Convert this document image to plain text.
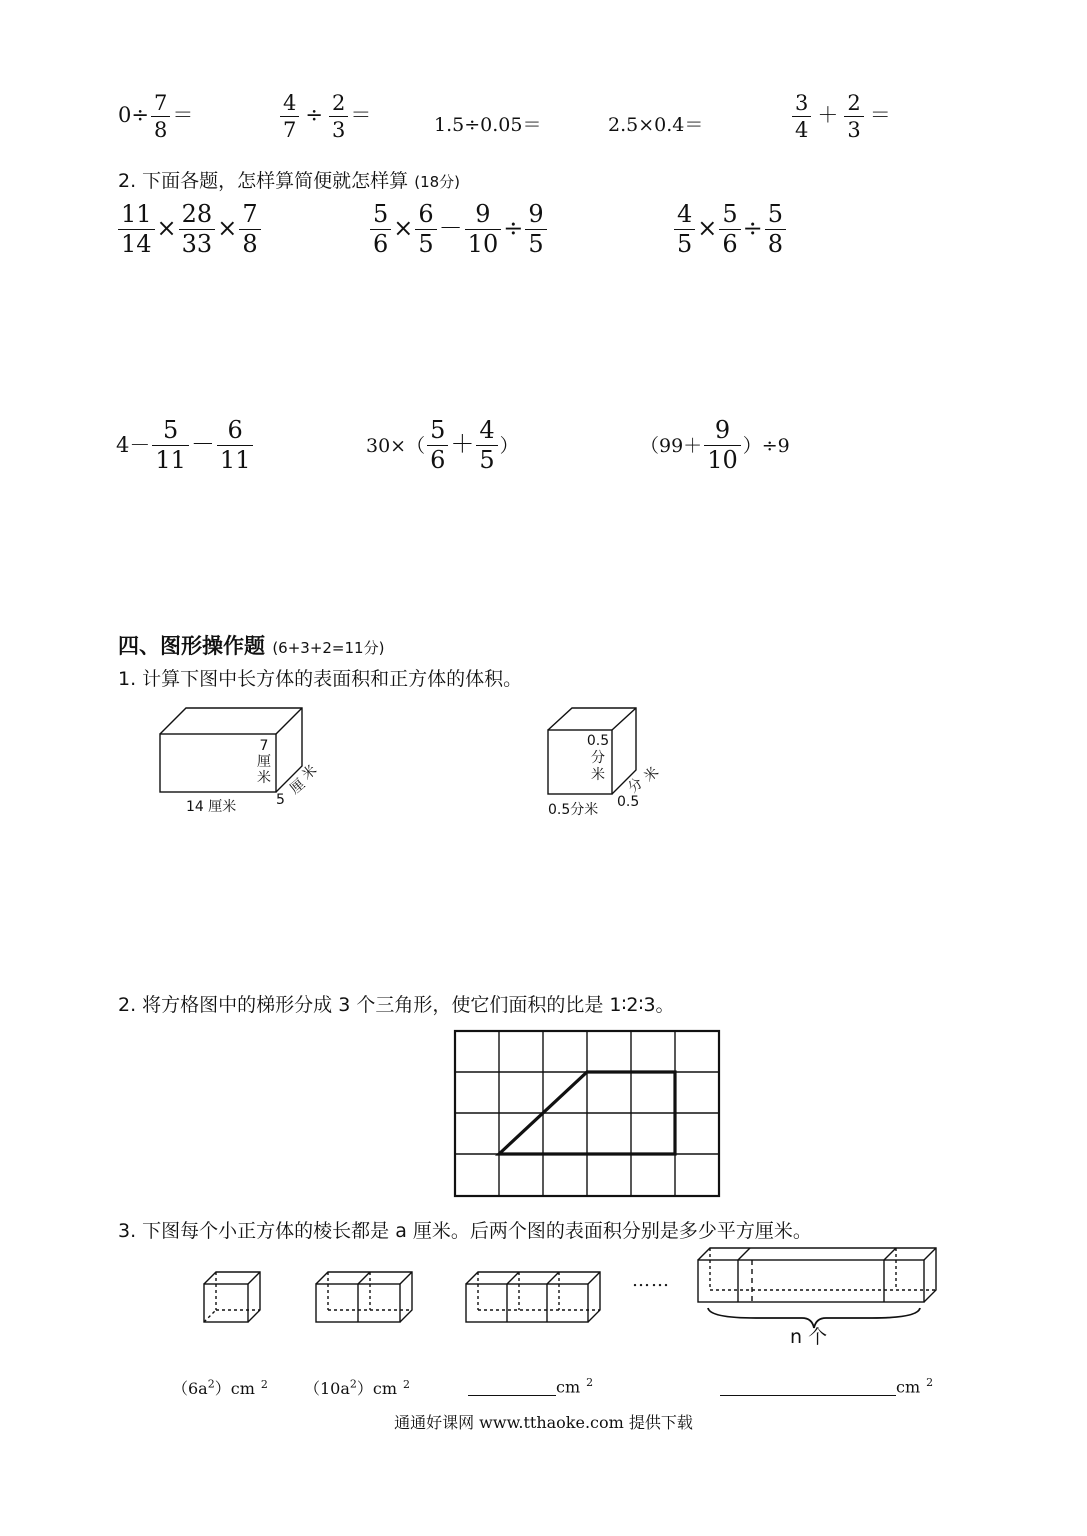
$0\div \frac{7}{8}$ ＝	$\frac{4}{7} \div \frac{2}{3}$ ＝	1.5÷0.05＝	2.5×0.4＝	$\frac{3}{4} + \frac{2}{3}$ ＝
2. 下面各题，怎样算简便就怎样算 (18分)
$\frac{11}{14} \times \frac{28}{33} \times \frac{7}{8}$	$\frac{5}{6} \times \frac{6}{5} - \frac{9}{10} \div \frac{9}{5}$	$\frac{4}{5} \times \frac{5}{6} \div \frac{5}{8}$
$4- \frac{5}{11} - \frac{6}{11}$	$30\times( \frac{5}{6} + \frac{4}{5}$ ）	$(99+ \frac{9}{10} )\div 9$
四、图形操作题 (6+3+2=11分)
1. 计算下图中长方体的表面积和正方体的体积。
7
厘
米
14 厘米	5
厘
米
0.5
分
米
0.5分米 0.5
分
米
2. 将方格图中的梯形分成 3 个三角形，使它们面积的比是 1∶2∶3。
3. 下图每个小正方体的棱长都是 a 厘米。后两个图的表面积分别是多少平方厘米。
……
n 个
$(6a^2)cm$ $^2$ $(10a^2)cm$ $^2$	cm $^2$	cm $^2$
通通好课网 www.tthaoke.com 提供下载
